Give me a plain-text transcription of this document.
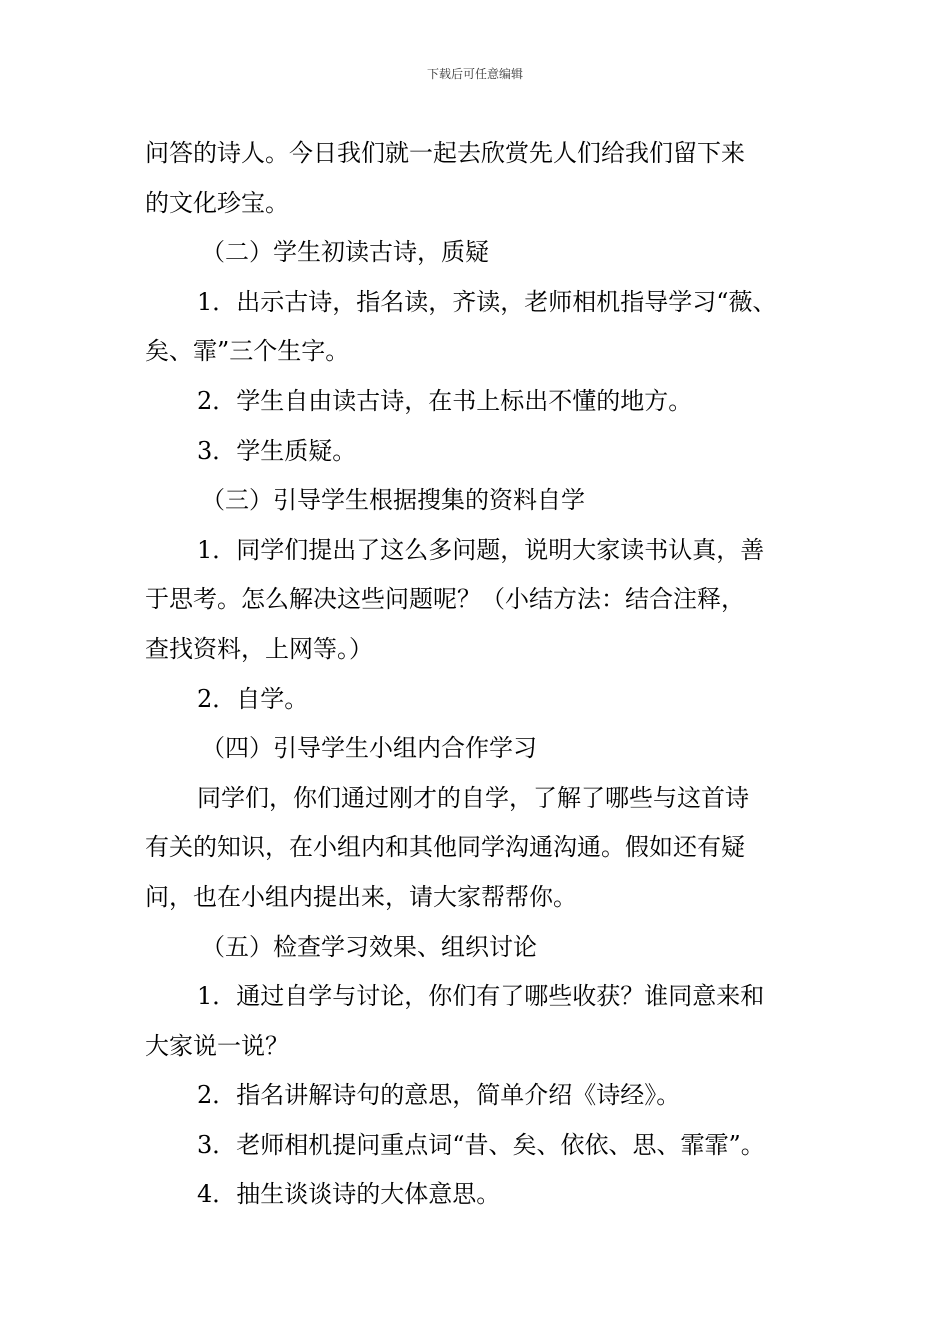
下载后可任意编辑

问答的诗人。今日我们就一起去欣赏先人们给我们留下来

的文化珍宝。

（二）学生初读古诗，质疑

1．出示古诗，指名读，齐读，老师相机指导学习“薇、

矣、霏”三个生字。

2．学生自由读古诗，在书上标出不懂的地方。

3．学生质疑。

（三）引导学生根据搜集的资料自学

1．同学们提出了这么多问题，说明大家读书认真，善

于思考。怎么解决这些问题呢？（小结方法：结合注释，

查找资料，上网等。）

2．自学。

（四）引导学生小组内合作学习

同学们，你们通过刚才的自学，了解了哪些与这首诗

有关的知识，在小组内和其他同学沟通沟通。假如还有疑

问，也在小组内提出来，请大家帮帮你。

（五）检查学习效果、组织讨论

1．通过自学与讨论，你们有了哪些收获？谁同意来和

大家说一说？

2．指名讲解诗句的意思，简单介绍《诗经》。

3．老师相机提问重点词“昔、矣、依依、思、霏霏”。

4．抽生谈谈诗的大体意思。
